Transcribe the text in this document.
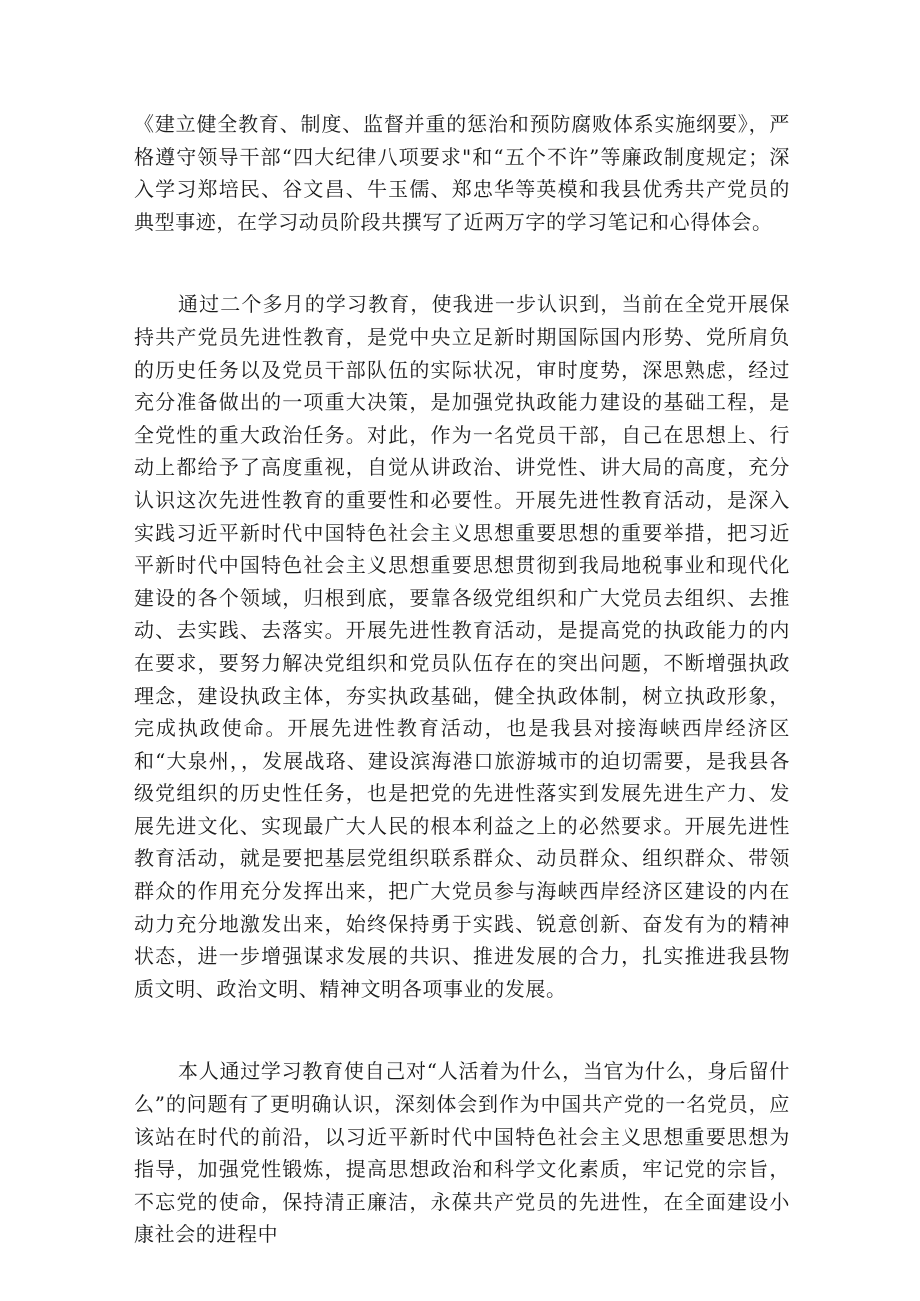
《建立健全教育、制度、监督并重的惩治和预防腐败体系实施纲要》，严格遵守领导干部“四大纪律八项要求"和“五个不许”等廉政制度规定；深入学习郑培民、谷文昌、牛玉儒、郑忠华等英模和我县优秀共产党员的典型事迹，在学习动员阶段共撰写了近两万字的学习笔记和心得体会。

通过二个多月的学习教育，使我进一步认识到，当前在全党开展保持共产党员先进性教育，是党中央立足新时期国际国内形势、党所肩负的历史任务以及党员干部队伍的实际状况，审时度势，深思熟虑，经过充分准备做出的一项重大决策，是加强党执政能力建设的基础工程，是全党性的重大政治任务。对此，作为一名党员干部，自己在思想上、行动上都给予了高度重视，自觉从讲政治、讲党性、讲大局的高度，充分认识这次先进性教育的重要性和必要性。开展先进性教育活动，是深入实践习近平新时代中国特色社会主义思想重要思想的重要举措，把习近平新时代中国特色社会主义思想重要思想贯彻到我局地税事业和现代化建设的各个领域，归根到底，要靠各级党组织和广大党员去组织、去推动、去实践、去落实。开展先进性教育活动，是提高党的执政能力的内在要求，要努力解决党组织和党员队伍存在的突出问题，不断增强执政理念，建设执政主体，夯实执政基础，健全执政体制，树立执政形象，完成执政使命。开展先进性教育活动，也是我县对接海峡西岸经济区和“大泉州，，发展战珞、建设滨海港口旅游城市的迫切需要，是我县各级党组织的历史性任务，也是把党的先进性落实到发展先进生产力、发展先进文化、实现最广大人民的根本利益之上的必然要求。开展先进性教育活动，就是要把基层党组织联系群众、动员群众、组织群众、带领群众的作用充分发挥出来，把广大党员参与海峡西岸经济区建设的内在动力充分地激发出来，始终保持勇于实践、锐意创新、奋发有为的精神状态，进一步增强谋求发展的共识、推进发展的合力，扎实推进我县物质文明、政治文明、精神文明各项事业的发展。

本人通过学习教育使自己对“人活着为什么，当官为什么，身后留什么”的问题有了更明确认识，深刻体会到作为中国共产党的一名党员，应该站在时代的前沿，以习近平新时代中国特色社会主义思想重要思想为指导，加强党性锻炼，提高思想政治和科学文化素质，牢记党的宗旨，不忘党的使命，保持清正廉洁，永葆共产党员的先进性，在全面建设小康社会的进程中
